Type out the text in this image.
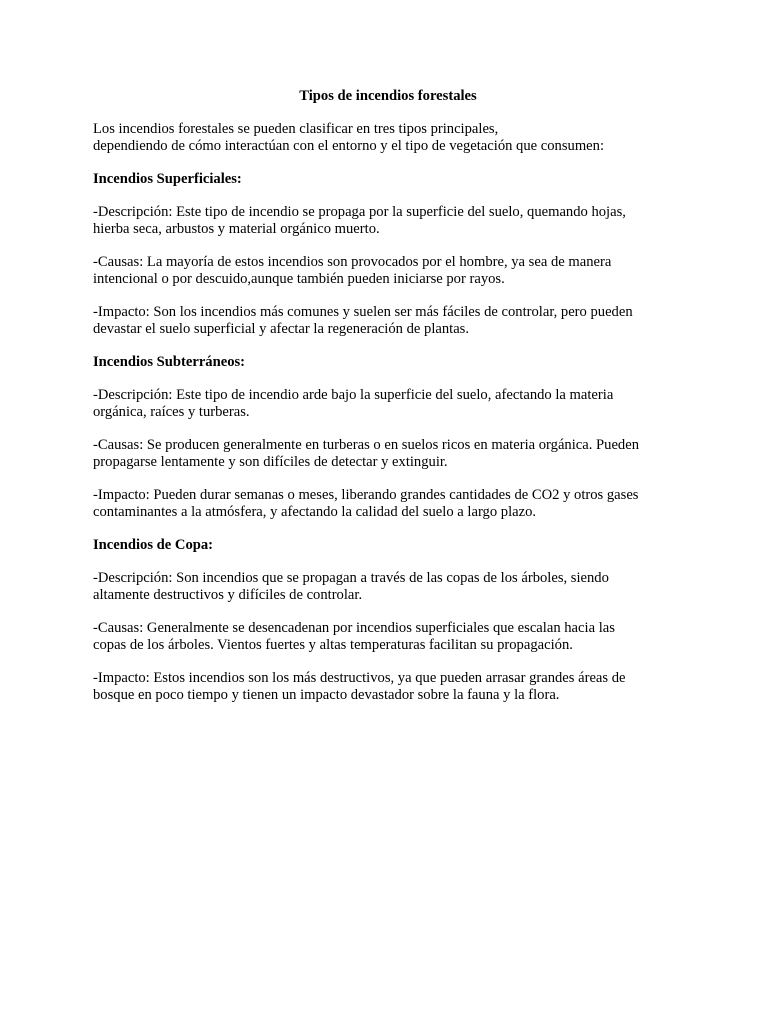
Tipos de incendios forestales
Los incendios forestales se pueden clasificar en tres tipos principales,
dependiendo de cómo interactúan con el entorno y el tipo de vegetación que consumen:
Incendios Superficiales:
-Descripción: Este tipo de incendio se propaga por la superficie del suelo, quemando hojas,
hierba seca, arbustos y material orgánico muerto.
-Causas: La mayoría de estos incendios son provocados por el hombre, ya sea de manera
intencional o por descuido,aunque también pueden iniciarse por rayos.
-Impacto: Son los incendios más comunes y suelen ser más fáciles de controlar, pero pueden
devastar el suelo superficial y afectar la regeneración de plantas.
Incendios Subterráneos:
-Descripción: Este tipo de incendio arde bajo la superficie del suelo, afectando la materia
orgánica, raíces y turberas.
-Causas: Se producen generalmente en turberas o en suelos ricos en materia orgánica. Pueden
propagarse lentamente y son difíciles de detectar y extinguir.
-Impacto: Pueden durar semanas o meses, liberando grandes cantidades de CO2 y otros gases
contaminantes a la atmósfera, y afectando la calidad del suelo a largo plazo.
Incendios de Copa:
-Descripción: Son incendios que se propagan a través de las copas de los árboles, siendo
altamente destructivos y difíciles de controlar.
-Causas: Generalmente se desencadenan por incendios superficiales que escalan hacia las
copas de los árboles. Vientos fuertes y altas temperaturas facilitan su propagación.
-Impacto: Estos incendios son los más destructivos, ya que pueden arrasar grandes áreas de
bosque en poco tiempo y tienen un impacto devastador sobre la fauna y la flora.
